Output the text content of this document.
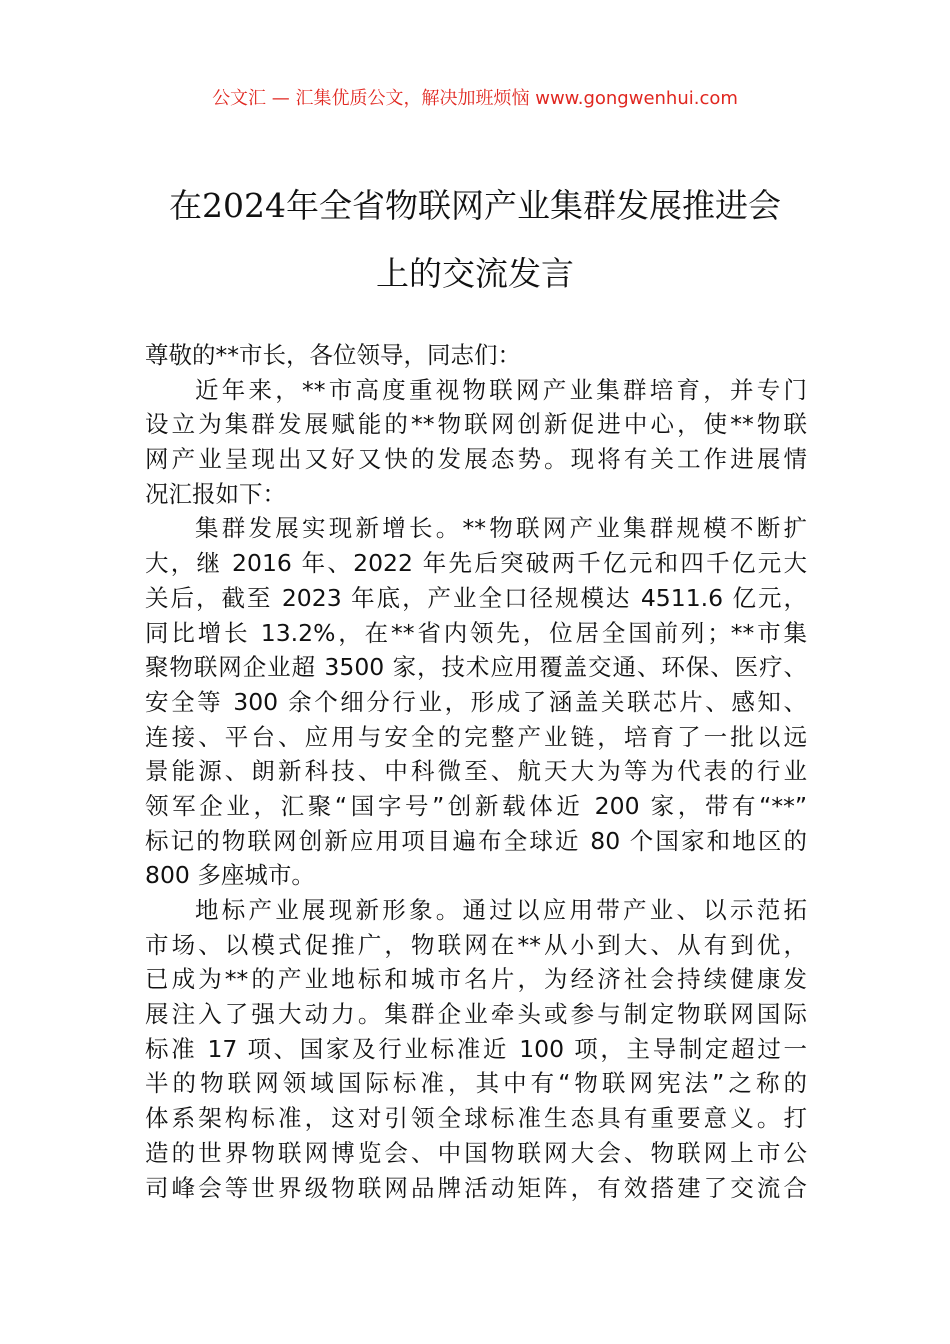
公文汇 — 汇集优质公文，解决加班烦恼 www.gongwenhui.com
在2024年全省物联网产业集群发展推进会
上的交流发言
尊敬的**市长，各位领导，同志们：
近年来，**市高度重视物联网产业集群培育，并专门
设立为集群发展赋能的**物联网创新促进中心，使**物联
网产业呈现出又好又快的发展态势。现将有关工作进展情
况汇报如下：
集群发展实现新增长。**物联网产业集群规模不断扩
大，继 2016 年、2022 年先后突破两千亿元和四千亿元大
关后，截至 2023 年底，产业全口径规模达 4511.6 亿元，
同比增长 13.2%，在**省内领先，位居全国前列；**市集
聚物联网企业超 3500 家，技术应用覆盖交通、环保、医疗、
安全等 300 余个细分行业，形成了涵盖关联芯片、感知、
连接、平台、应用与安全的完整产业链，培育了一批以远
景能源、朗新科技、中科微至、航天大为等为代表的行业
领军企业，汇聚“国字号”创新载体近 200 家，带有“**”
标记的物联网创新应用项目遍布全球近 80 个国家和地区的
800 多座城市。
地标产业展现新形象。通过以应用带产业、以示范拓
市场、以模式促推广，物联网在**从小到大、从有到优，
已成为**的产业地标和城市名片，为经济社会持续健康发
展注入了强大动力。集群企业牵头或参与制定物联网国际
标准 17 项、国家及行业标准近 100 项，主导制定超过一
半的物联网领域国际标准，其中有“物联网宪法”之称的
体系架构标准，这对引领全球标准生态具有重要意义。打
造的世界物联网博览会、中国物联网大会、物联网上市公
司峰会等世界级物联网品牌活动矩阵，有效搭建了交流合
